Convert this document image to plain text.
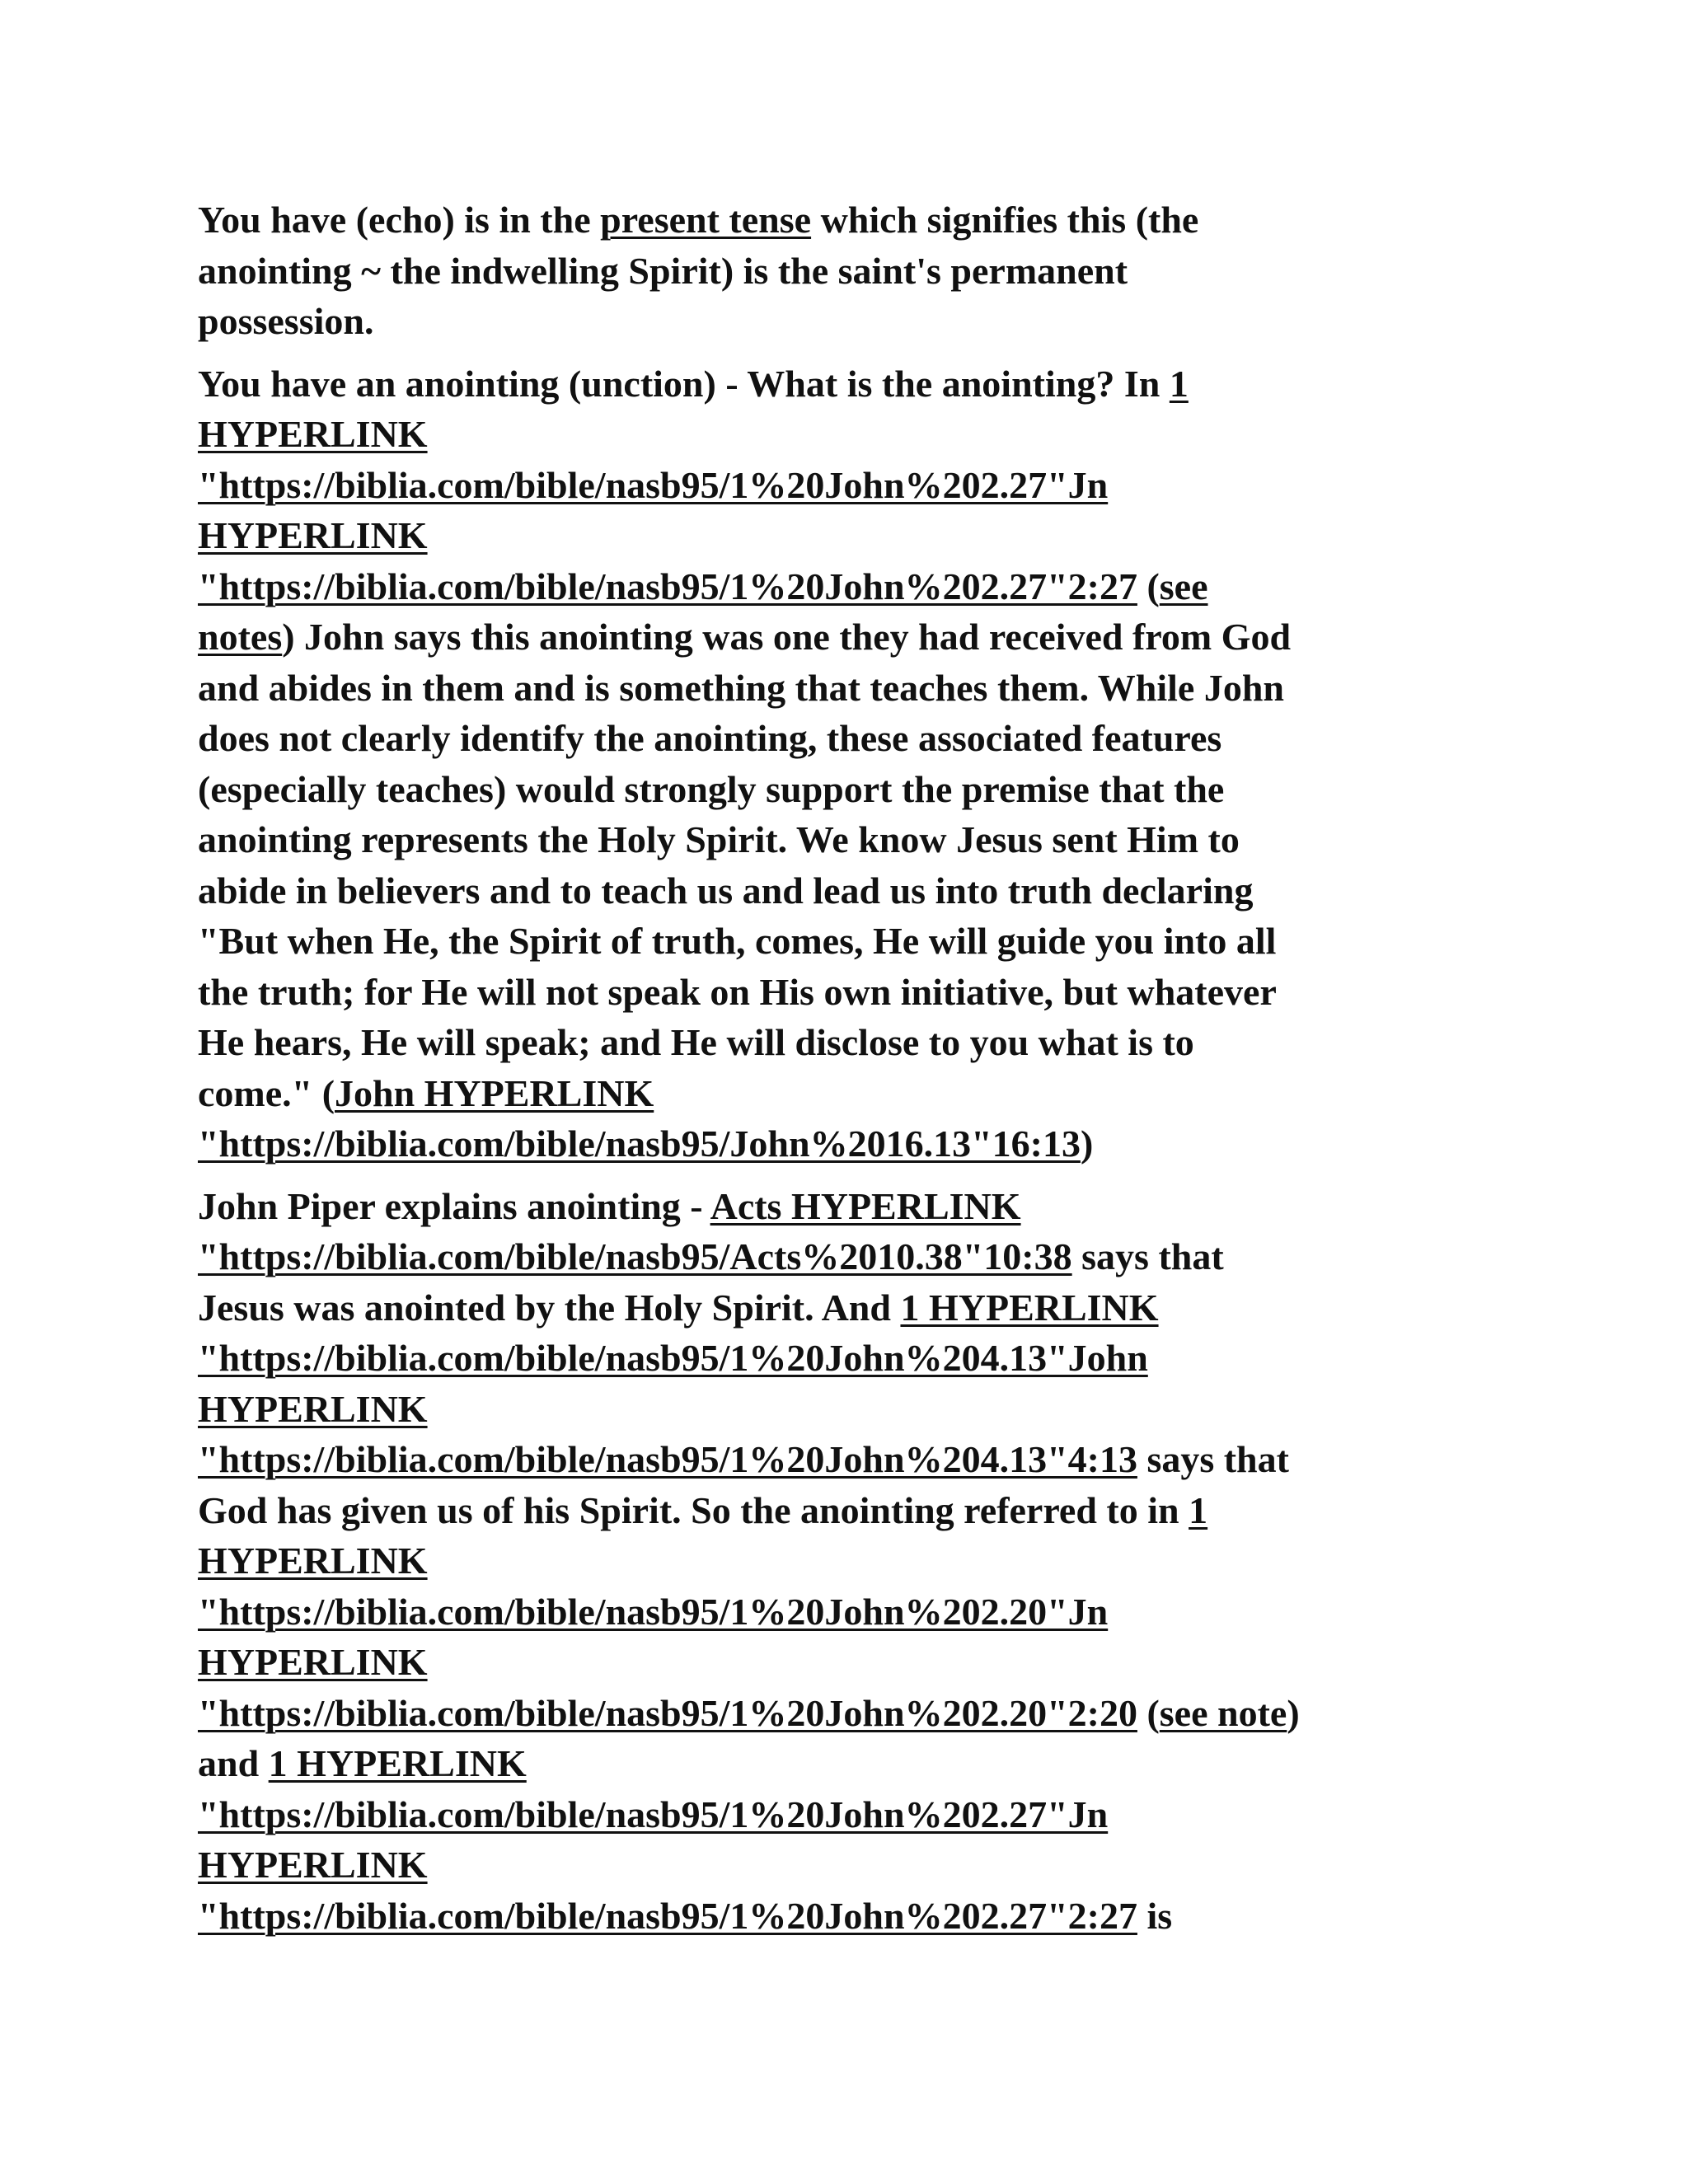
You have (echo) is in the present tense which signifies this (the
anointing ~ the indwelling Spirit) is the saint's permanent
possession.
You have an anointing (unction) - What is the anointing? In 1
HYPERLINK
"https://biblia.com/bible/nasb95/1%20John%202.27"Jn
HYPERLINK
"https://biblia.com/bible/nasb95/1%20John%202.27"2:27 (see
notes) John says this anointing was one they had received from God
and abides in them and is something that teaches them. While John
does not clearly identify the anointing, these associated features
(especially teaches) would strongly support the premise that the
anointing represents the Holy Spirit. We know Jesus sent Him to
abide in believers and to teach us and lead us into truth declaring
"But when He, the Spirit of truth, comes, He will guide you into all
the truth; for He will not speak on His own initiative, but whatever
He hears, He will speak; and He will disclose to you what is to
come." (John HYPERLINK
"https://biblia.com/bible/nasb95/John%2016.13"16:13)
John Piper explains anointing - Acts HYPERLINK
"https://biblia.com/bible/nasb95/Acts%2010.38"10:38 says that
Jesus was anointed by the Holy Spirit. And 1 HYPERLINK
"https://biblia.com/bible/nasb95/1%20John%204.13"John
HYPERLINK
"https://biblia.com/bible/nasb95/1%20John%204.13"4:13 says that
God has given us of his Spirit. So the anointing referred to in 1
HYPERLINK
"https://biblia.com/bible/nasb95/1%20John%202.20"Jn
HYPERLINK
"https://biblia.com/bible/nasb95/1%20John%202.20"2:20 (see note)
and 1 HYPERLINK
"https://biblia.com/bible/nasb95/1%20John%202.27"Jn
HYPERLINK
"https://biblia.com/bible/nasb95/1%20John%202.27"2:27 is
